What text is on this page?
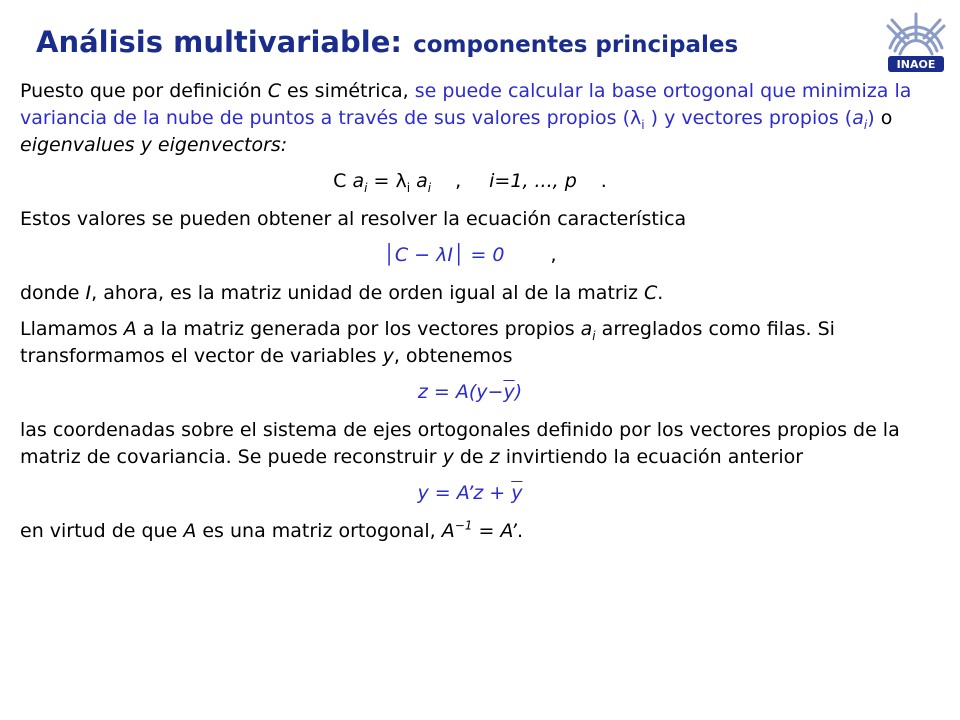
Análisis multivariable: componentes principales
INAOE

Puesto que por definición C es simétrica, se puede calcular la base ortogonal que minimiza la variancia de la nube de puntos a través de sus valores propios ($\lambda_i$ ) y vectores propios $(a_i)$ o eigenvalues y eigenvectors:

C $a_i = \lambda_i$ $a_i$ , i=1, ..., p .

Estos valores se pueden obtener al resolver la ecuación característica

│C − λI│ = 0 ,

donde I, ahora, es la matriz unidad de orden igual al de la matriz C.

Llamamos A a la matriz generada por los vectores propios $a_i$ arreglados como filas. Si transformamos el vector de variables y, obtenemos

$z = A(y-\overline{y})$

las coordenadas sobre el sistema de ejes ortogonales definido por los vectores propios de la matriz de covariancia. Se puede reconstruir y de z invirtiendo la ecuación anterior

y = A’z + $\overline{y}$

en virtud de que A es una matriz ortogonal, $A^{-1} = A$’.
